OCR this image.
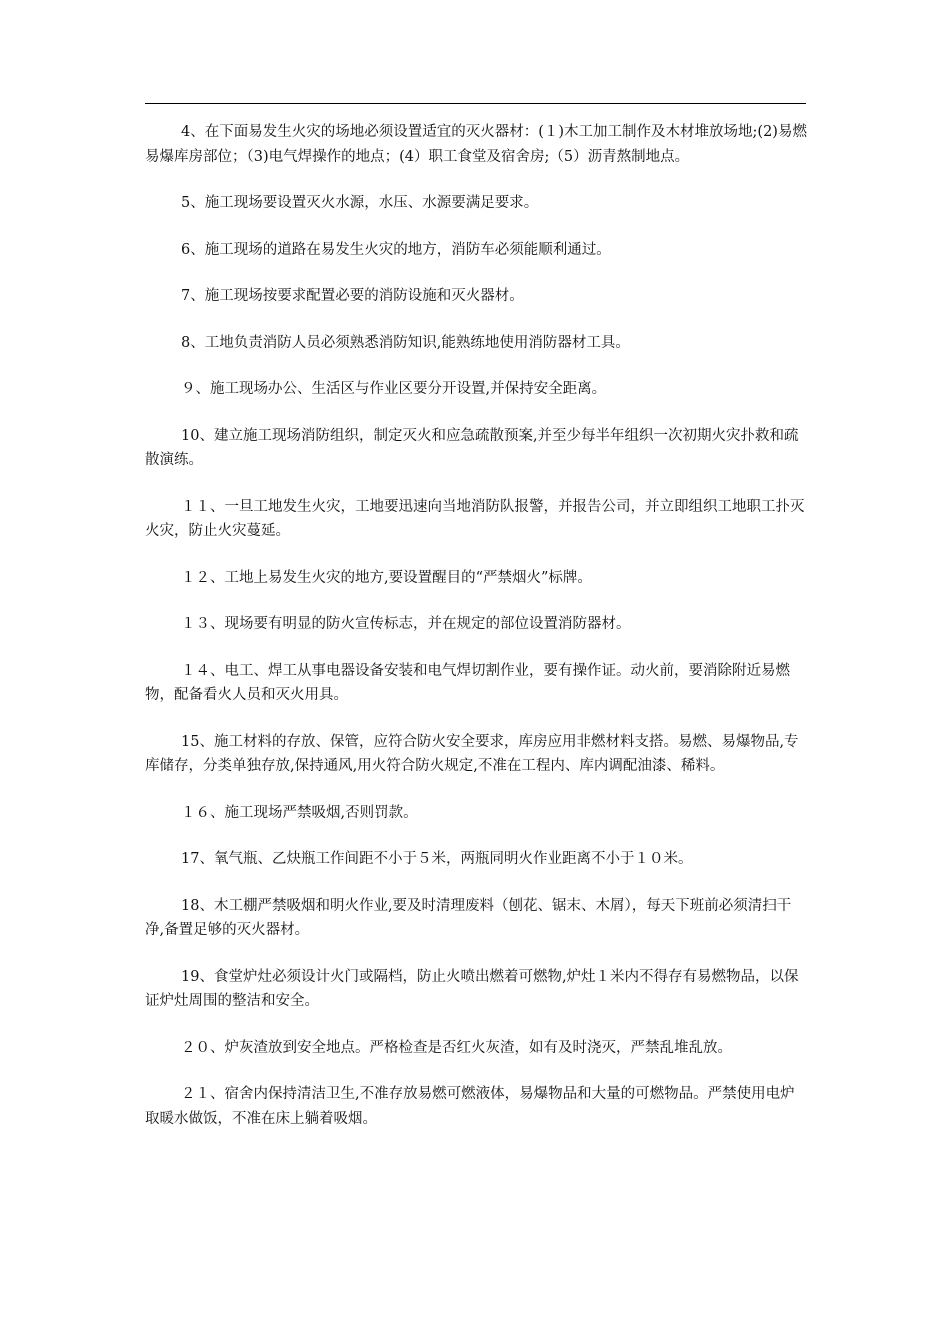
4、在下面易发生火灾的场地必须设置适宜的灭火器材：(１)木工加工制作及木材堆放场地;(2)易燃易爆库房部位；（3)电气焊操作的地点；(4）职工食堂及宿舍房;（5）沥青熬制地点。

5、施工现场要设置灭火水源，水压、水源要满足要求。

6、施工现场的道路在易发生火灾的地方，消防车必须能顺利通过。

7、施工现场按要求配置必要的消防设施和灭火器材。

8、工地负责消防人员必须熟悉消防知识,能熟练地使用消防器材工具。

９、施工现场办公、生活区与作业区要分开设置,并保持安全距离。

10、建立施工现场消防组织，制定灭火和应急疏散预案,并至少每半年组织一次初期火灾扑救和疏散演练。

１１、一旦工地发生火灾，工地要迅速向当地消防队报警，并报告公司，并立即组织工地职工扑灭火灾，防止火灾蔓延。

１２、工地上易发生火灾的地方,要设置醒目的“严禁烟火”标牌。

１３、现场要有明显的防火宣传标志，并在规定的部位设置消防器材。

１４、电工、焊工从事电器设备安装和电气焊切割作业，要有操作证。动火前，要消除附近易燃物，配备看火人员和灭火用具。

15、施工材料的存放、保管，应符合防火安全要求，库房应用非燃材料支搭。易燃、易爆物品,专库储存，分类单独存放,保持通风,用火符合防火规定,不准在工程内、库内调配油漆、稀料。

１６、施工现场严禁吸烟,否则罚款。

17、氧气瓶、乙炔瓶工作间距不小于５米，两瓶同明火作业距离不小于１０米。

18、木工棚严禁吸烟和明火作业,要及时清理废料（刨花、锯末、木屑），每天下班前必须清扫干净,备置足够的灭火器材。

19、食堂炉灶必须设计火门或隔档，防止火喷出燃着可燃物,炉灶１米内不得存有易燃物品，以保证炉灶周围的整洁和安全。

２０、炉灰渣放到安全地点。严格检查是否红火灰渣，如有及时浇灭，严禁乱堆乱放。

２１、宿舍内保持清洁卫生,不准存放易燃可燃液体，易爆物品和大量的可燃物品。严禁使用电炉取暖水做饭，不准在床上躺着吸烟。
